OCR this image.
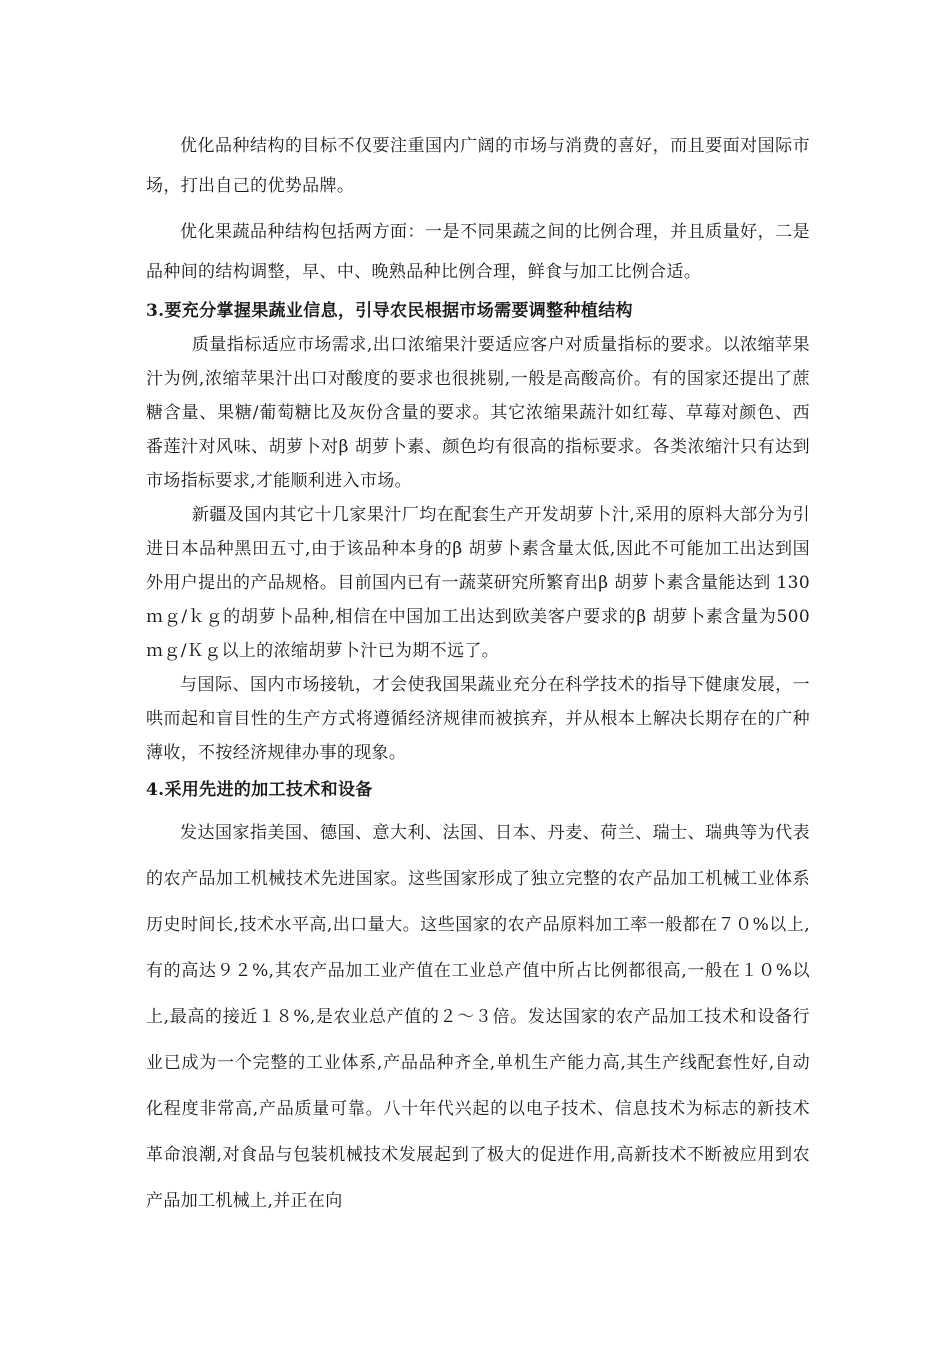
优化品种结构的目标不仅要注重国内广阔的市场与消费的喜好，而且要面对国际市场，打出自己的优势品牌。

优化果蔬品种结构包括两方面：一是不同果蔬之间的比例合理，并且质量好，二是品种间的结构调整，早、中、晚熟品种比例合理，鲜食与加工比例合适。

3.要充分掌握果蔬业信息，引导农民根据市场需要调整种植结构

质量指标适应市场需求,出口浓缩果汁要适应客户对质量指标的要求。以浓缩苹果汁为例,浓缩苹果汁出口对酸度的要求也很挑剔,一般是高酸高价。有的国家还提出了蔗糖含量、果糖/葡萄糖比及灰份含量的要求。其它浓缩果蔬汁如红莓、草莓对颜色、西番莲汁对风味、胡萝卜对β 胡萝卜素、颜色均有很高的指标要求。各类浓缩汁只有达到市场指标要求,才能顺利进入市场。

新疆及国内其它十几家果汁厂均在配套生产开发胡萝卜汁,采用的原料大部分为引进日本品种黑田五寸,由于该品种本身的β 胡萝卜素含量太低,因此不可能加工出达到国外用户提出的产品规格。目前国内已有一蔬菜研究所繁育出β 胡萝卜素含量能达到 130ｍｇ/ｋｇ的胡萝卜品种,相信在中国加工出达到欧美客户要求的β 胡萝卜素含量为500ｍｇ/Ｋｇ以上的浓缩胡萝卜汁已为期不远了。

与国际、国内市场接轨，才会使我国果蔬业充分在科学技术的指导下健康发展，一哄而起和盲目性的生产方式将遵循经济规律而被摈弃，并从根本上解决长期存在的广种薄收，不按经济规律办事的现象。

4.采用先进的加工技术和设备

发达国家指美国、德国、意大利、法国、日本、丹麦、荷兰、瑞士、瑞典等为代表的农产品加工机械技术先进国家。这些国家形成了独立完整的农产品加工机械工业体系历史时间长,技术水平高,出口量大。这些国家的农产品原料加工率一般都在７０%以上,有的高达９２%,其农产品加工业产值在工业总产值中所占比例都很高,一般在１０%以上,最高的接近１８%,是农业总产值的２～３倍。发达国家的农产品加工技术和设备行业已成为一个完整的工业体系,产品品种齐全,单机生产能力高,其生产线配套性好,自动化程度非常高,产品质量可靠。八十年代兴起的以电子技术、信息技术为标志的新技术革命浪潮,对食品与包装机械技术发展起到了极大的促进作用,高新技术不断被应用到农产品加工机械上,并正在向
